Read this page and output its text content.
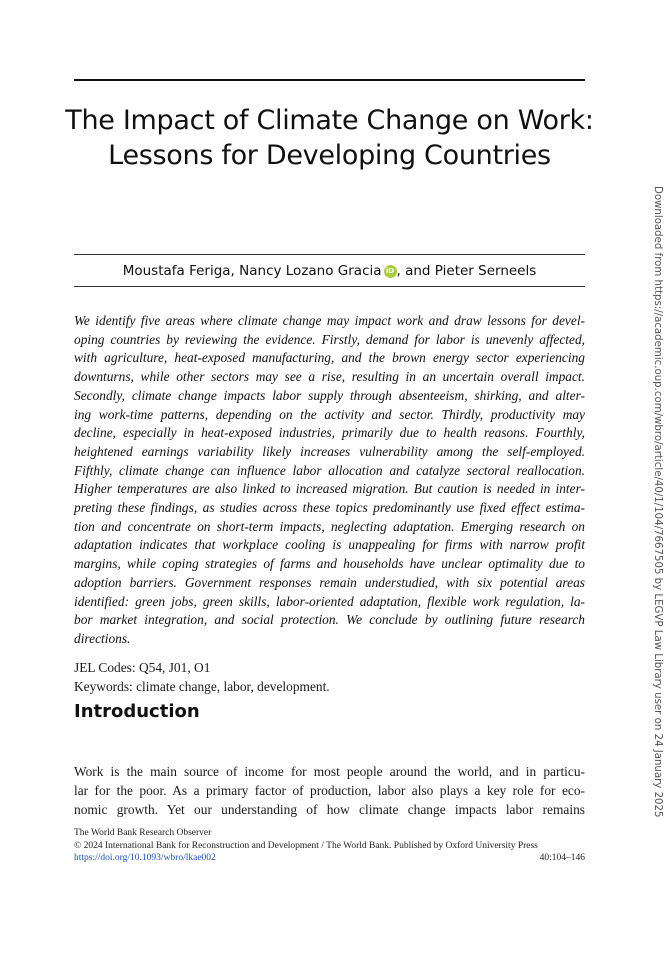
The Impact of Climate Change on Work:
Lessons for Developing Countries
Moustafa Feriga, Nancy Lozano Gracia iD , and Pieter Serneels
We identify five areas where climate change may impact work and draw lessons for devel-
oping countries by reviewing the evidence. Firstly, demand for labor is unevenly affected,
with agriculture, heat-exposed manufacturing, and the brown energy sector experiencing
downturns, while other sectors may see a rise, resulting in an uncertain overall impact.
Secondly, climate change impacts labor supply through absenteeism, shirking, and alter-
ing work-time patterns, depending on the activity and sector. Thirdly, productivity may
decline, especially in heat-exposed industries, primarily due to health reasons. Fourthly,
heightened earnings variability likely increases vulnerability among the self-employed.
Fifthly, climate change can influence labor allocation and catalyze sectoral reallocation.
Higher temperatures are also linked to increased migration. But caution is needed in inter-
preting these findings, as studies across these topics predominantly use fixed effect estima-
tion and concentrate on short-term impacts, neglecting adaptation. Emerging research on
adaptation indicates that workplace cooling is unappealing for firms with narrow profit
margins, while coping strategies of farms and households have unclear optimality due to
adoption barriers. Government responses remain understudied, with six potential areas
identified: green jobs, green skills, labor-oriented adaptation, flexible work regulation, la-
bor market integration, and social protection. We conclude by outlining future research
directions.
JEL Codes: Q54, J01, O1
Keywords: climate change, labor, development.
Introduction
Work is the main source of income for most people around the world, and in particu-
lar for the poor. As a primary factor of production, labor also plays a key role for eco-
nomic growth. Yet our understanding of how climate change impacts labor remains
The World Bank Research Observer
© 2024 International Bank for Reconstruction and Development / The World Bank. Published by Oxford University Press
https://doi.org/10.1093/wbro/lkae002	40:104–146
Downloaded from https://academic.oup.com/wbro/article/40/1/104/7667505 by LEGVP Law Library user on 24 January 2025
